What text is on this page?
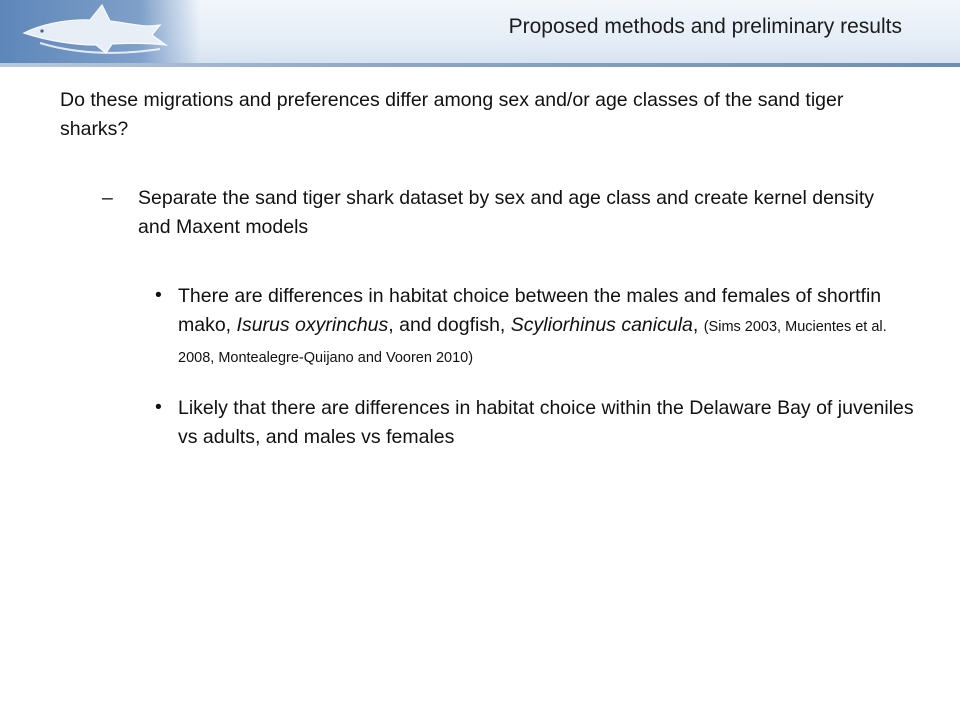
Proposed methods and preliminary results
Do these migrations and preferences differ among sex and/or age classes of the sand tiger sharks?
– Separate the sand tiger shark dataset by sex and age class and create kernel density and Maxent models
• There are differences in habitat choice between the males and females of shortfin mako, Isurus oxyrinchus, and dogfish, Scyliorhinus canicula, (Sims 2003, Mucientes et al. 2008, Montealegre-Quijano and Vooren 2010)
• Likely that there are differences in habitat choice within the Delaware Bay of juveniles vs adults, and males vs females
